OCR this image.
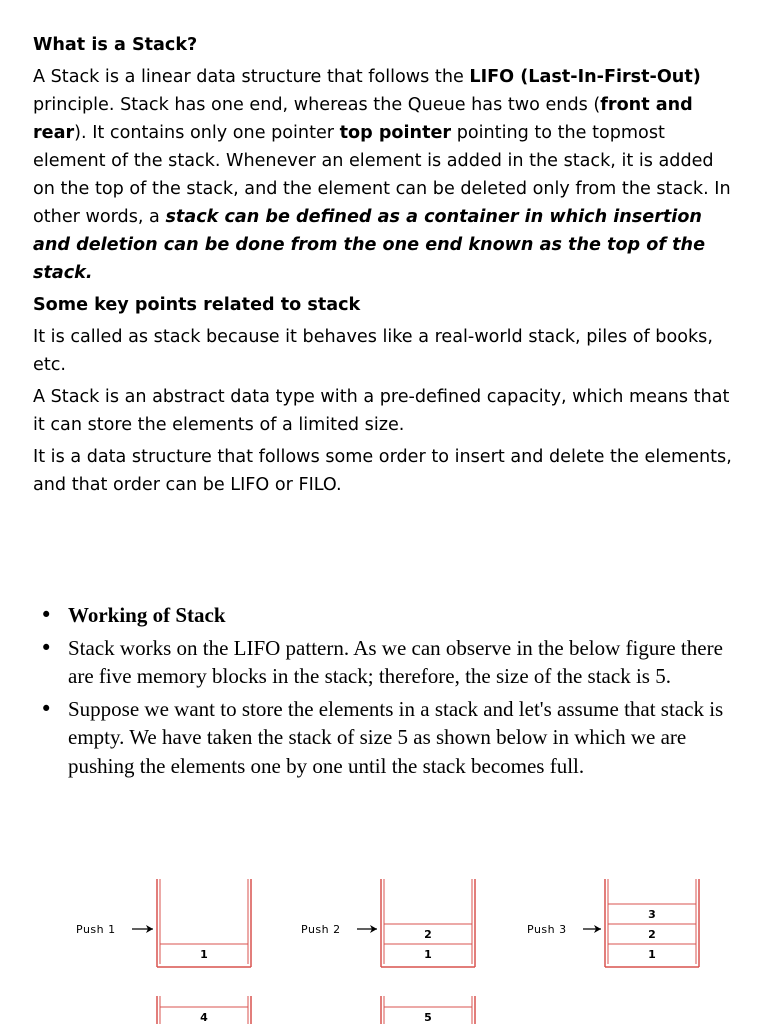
What is a Stack?

A Stack is a linear data structure that follows the LIFO (Last-In-First-Out) principle. Stack has one end, whereas the Queue has two ends (front and rear). It contains only one pointer top pointer pointing to the topmost element of the stack. Whenever an element is added in the stack, it is added on the top of the stack, and the element can be deleted only from the stack. In other words, a stack can be defined as a container in which insertion and deletion can be done from the one end known as the top of the stack.

Some key points related to stack

It is called as stack because it behaves like a real-world stack, piles of books, etc.

A Stack is an abstract data type with a pre-defined capacity, which means that it can store the elements of a limited size.

It is a data structure that follows some order to insert and delete the elements, and that order can be LIFO or FILO.

• Working of Stack
• Stack works on the LIFO pattern. As we can observe in the below figure there are five memory blocks in the stack; therefore, the size of the stack is 5.
• Suppose we want to store the elements in a stack and let's assume that stack is empty. We have taken the stack of size 5 as shown below in which we are pushing the elements one by one until the stack becomes full.
1
Push 1
1
2
Push 2
1
2
3
Push 3
4	5
